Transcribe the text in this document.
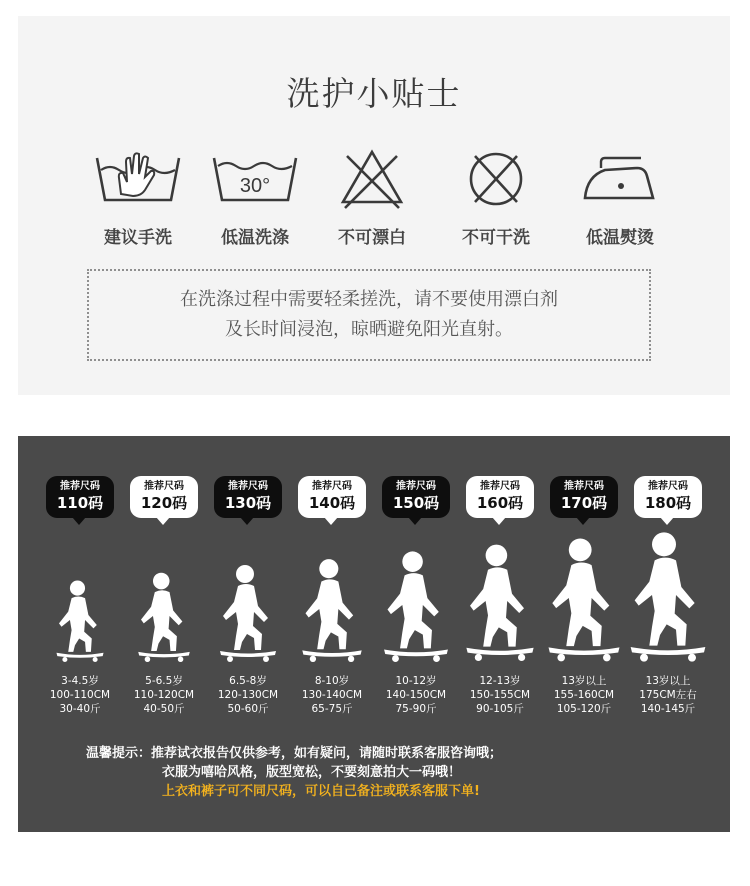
洗护小贴士
建议手洗
30°
低温洗涤	不可漂白	不可干洗	低温熨烫
在洗涤过程中需要轻柔搓洗，请不要使用漂白剂
及长时间浸泡，晾晒避免阳光直射。
推荐尺码
110码
3-4.5岁
100-110CM
30-40斤
推荐尺码
120码
5-6.5岁
110-120CM
40-50斤
推荐尺码
130码
6.5-8岁
120-130CM
50-60斤
推荐尺码
140码
8-10岁
130-140CM
65-75斤
推荐尺码
150码
10-12岁
140-150CM
75-90斤
推荐尺码
160码
12-13岁
150-155CM
90-105斤
推荐尺码
170码
13岁以上
155-160CM
105-120斤
推荐尺码
180码
13岁以上
175CM左右
140-145斤
温馨提示：推荐试衣报告仅供参考，如有疑问，请随时联系客服咨询哦；
衣服为嘻哈风格，版型宽松，不要刻意拍大一码哦！
上衣和裤子可不同尺码，可以自己备注或联系客服下单!
